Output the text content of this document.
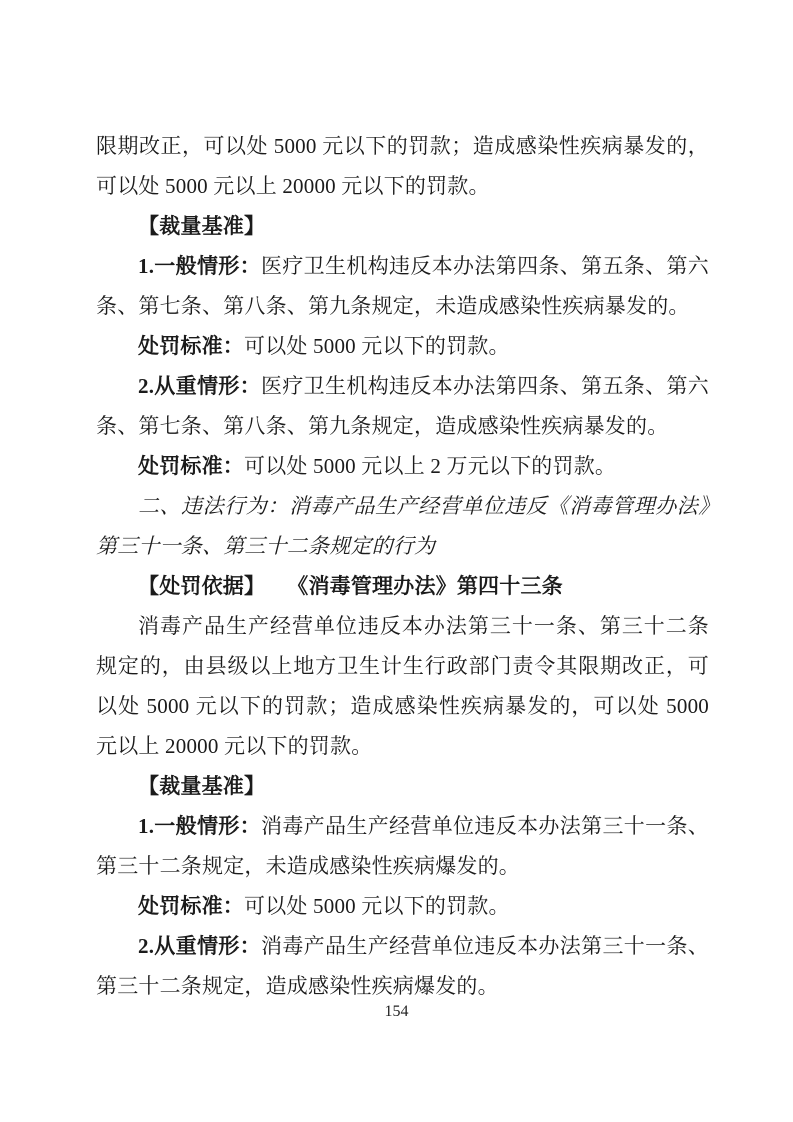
限期改正，可以处 5000 元以下的罚款；造成感染性疾病暴发的，可以处 5000 元以上 20000 元以下的罚款。

【裁量基准】

1.一般情形：医疗卫生机构违反本办法第四条、第五条、第六条、第七条、第八条、第九条规定，未造成感染性疾病暴发的。

处罚标准：可以处 5000 元以下的罚款。

2.从重情形：医疗卫生机构违反本办法第四条、第五条、第六条、第七条、第八条、第九条规定，造成感染性疾病暴发的。

处罚标准：可以处 5000 元以上 2 万元以下的罚款。

二、违法行为：消毒产品生产经营单位违反《消毒管理办法》第三十一条、第三十二条规定的行为

【处罚依据】 《消毒管理办法》第四十三条

消毒产品生产经营单位违反本办法第三十一条、第三十二条规定的，由县级以上地方卫生计生行政部门责令其限期改正，可以处 5000 元以下的罚款；造成感染性疾病暴发的，可以处 5000 元以上 20000 元以下的罚款。

【裁量基准】

1.一般情形：消毒产品生产经营单位违反本办法第三十一条、第三十二条规定，未造成感染性疾病爆发的。

处罚标准：可以处 5000 元以下的罚款。

2.从重情形：消毒产品生产经营单位违反本办法第三十一条、第三十二条规定，造成感染性疾病爆发的。

154
